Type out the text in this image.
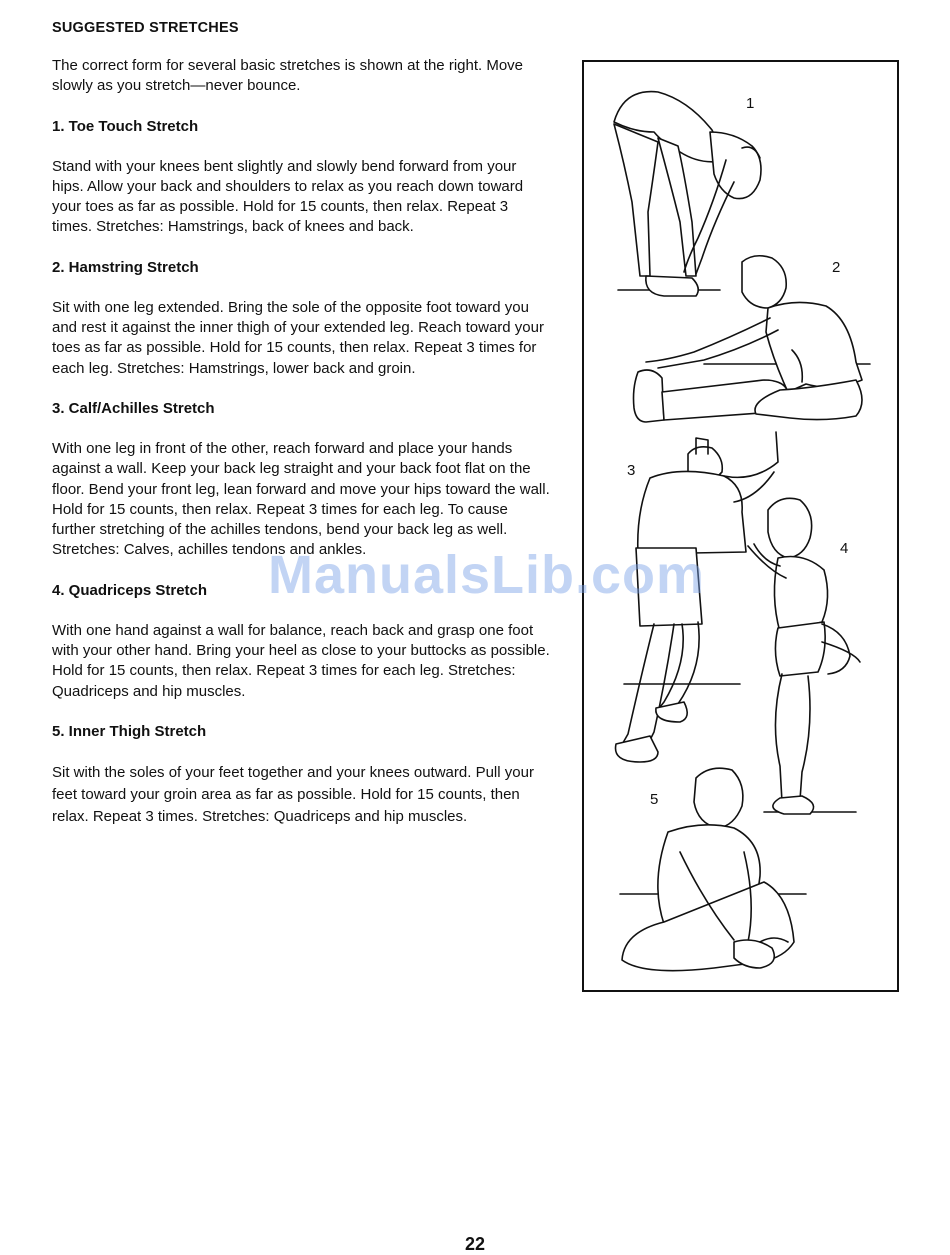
SUGGESTED STRETCHES

The correct form for several basic stretches is shown at the right. Move slowly as you stretch—never bounce.

1. Toe Touch Stretch

Stand with your knees bent slightly and slowly bend forward from your hips. Allow your back and shoulders to relax as you reach down toward your toes as far as possible. Hold for 15 counts, then relax. Repeat 3 times. Stretches: Hamstrings, back of knees and back.

2. Hamstring Stretch

Sit with one leg extended. Bring the sole of the opposite foot toward you and rest it against the inner thigh of your extended leg. Reach toward your toes as far as possible. Hold for 15 counts, then relax. Repeat 3 times for each leg. Stretches: Hamstrings, lower back and groin.

3. Calf/Achilles Stretch

With one leg in front of the other, reach forward and place your hands against a wall. Keep your back leg straight and your back foot flat on the floor. Bend your front leg, lean forward and move your hips toward the wall. Hold for 15 counts, then relax. Repeat 3 times for each leg. To cause further stretching of the achilles tendons, bend your back leg as well. Stretches: Calves, achilles tendons and ankles.

4. Quadriceps Stretch

With one hand against a wall for balance, reach back and grasp one foot with your other hand. Bring your heel as close to your buttocks as possible. Hold for 15 counts, then relax. Repeat 3 times for each leg. Stretches: Quadriceps and hip muscles.

5. Inner Thigh Stretch

Sit with the soles of your feet together and your knees outward. Pull your feet toward your groin area as far as possible. Hold for 15 counts, then relax. Repeat 3 times. Stretches: Quadriceps and hip muscles.

1
2
3
4
5
ManualsLib.com
22
